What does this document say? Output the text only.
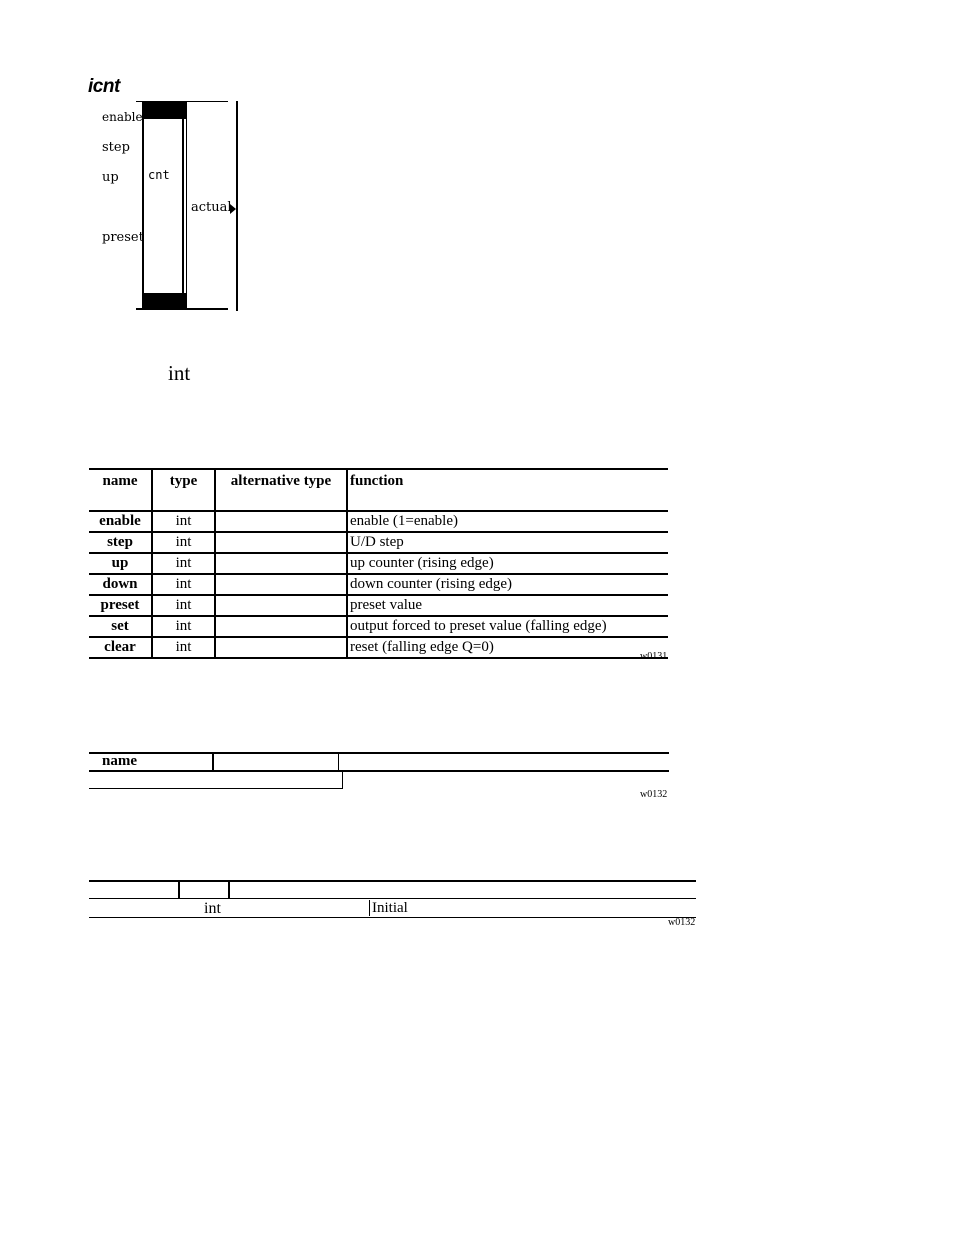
icnt
enable
step
up
preset
cnt
actual
int
name	type	alternative type	function
enable	int		enable (1=enable)
step	int		U/D step
up	int		up counter (rising edge)
down	int		down counter (rising edge)
preset	int		preset value
set	int		output forced to preset value (falling edge)
clear	int		reset (falling edge Q=0)
w0131
name
w0132
int	Initial
w0132
